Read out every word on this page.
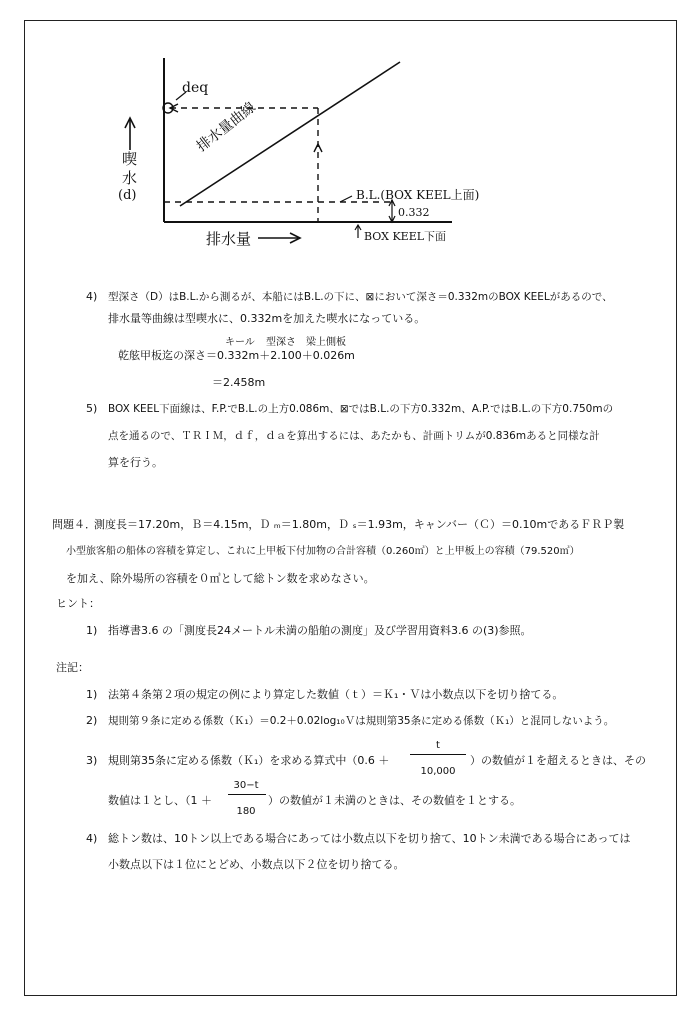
deq
排水量曲線
喫水
(d)	B.L.(BOX KEEL上面)
0.332
排水量	BOX KEEL下面
4) 型深さ（D）はB.L.から測るが、本船にはB.L.の下に、⊠において深さ＝0.332mのBOX KEELがあるので、
排水量等曲線は型喫水に、0.332mを加えた喫水になっている。
キール 型深さ 梁上側板
乾舷甲板迄の深さ＝0.332m＋2.100＋0.026m
＝2.458m
5) BOX KEEL下面線は、F.P.でB.L.の上方0.086m、⊠ではB.L.の下方0.332m、A.P.ではB.L.の下方0.750mの
点を通るので、ＴＲＩＭ，ｄｆ，ｄａを算出するには、あたかも、計画トリムが0.836mあると同様な計
算を行う。
問題４．
測度長＝17.20m，Ｂ＝4.15m，Ｄ ₘ＝1.80m，Ｄ ₛ＝1.93m，キャンバー（Ｃ）＝0.10mであるＦＲＰ製
小型旅客船の船体の容積を算定し、これに上甲板下付加物の合計容積（0.260㎥）と上甲板上の容積（79.520㎥）
を加え、除外場所の容積を０㎥として総トン数を求めなさい。
ヒント：
1) 指導書3.6 の「測度長24メートル未満の船舶の測度」及び学習用資料3.6 の(3)参照。
注記：
1) 法第４条第２項の規定の例により算定した数値（ｔ）＝Ｋ₁・Ｖは小数点以下を切り捨てる。
2) 規則第９条に定める係数（Ｋ₁）＝0.2＋0.02log₁₀Ｖは規則第35条に定める係数（Ｋ₁）と混同しないよう。
3) 規則第35条に定める係数（Ｋ₁）を求める算式中（0.6 ＋
t
10,000
）の数値が１を超えるときは、その
数値は１とし、（1 ＋
30−t
180
）の数値が１未満のときは、その数値を１とする。
4) 総トン数は、10トン以上である場合にあっては小数点以下を切り捨て、10トン未満である場合にあっては
小数点以下は１位にとどめ、小数点以下２位を切り捨てる。
